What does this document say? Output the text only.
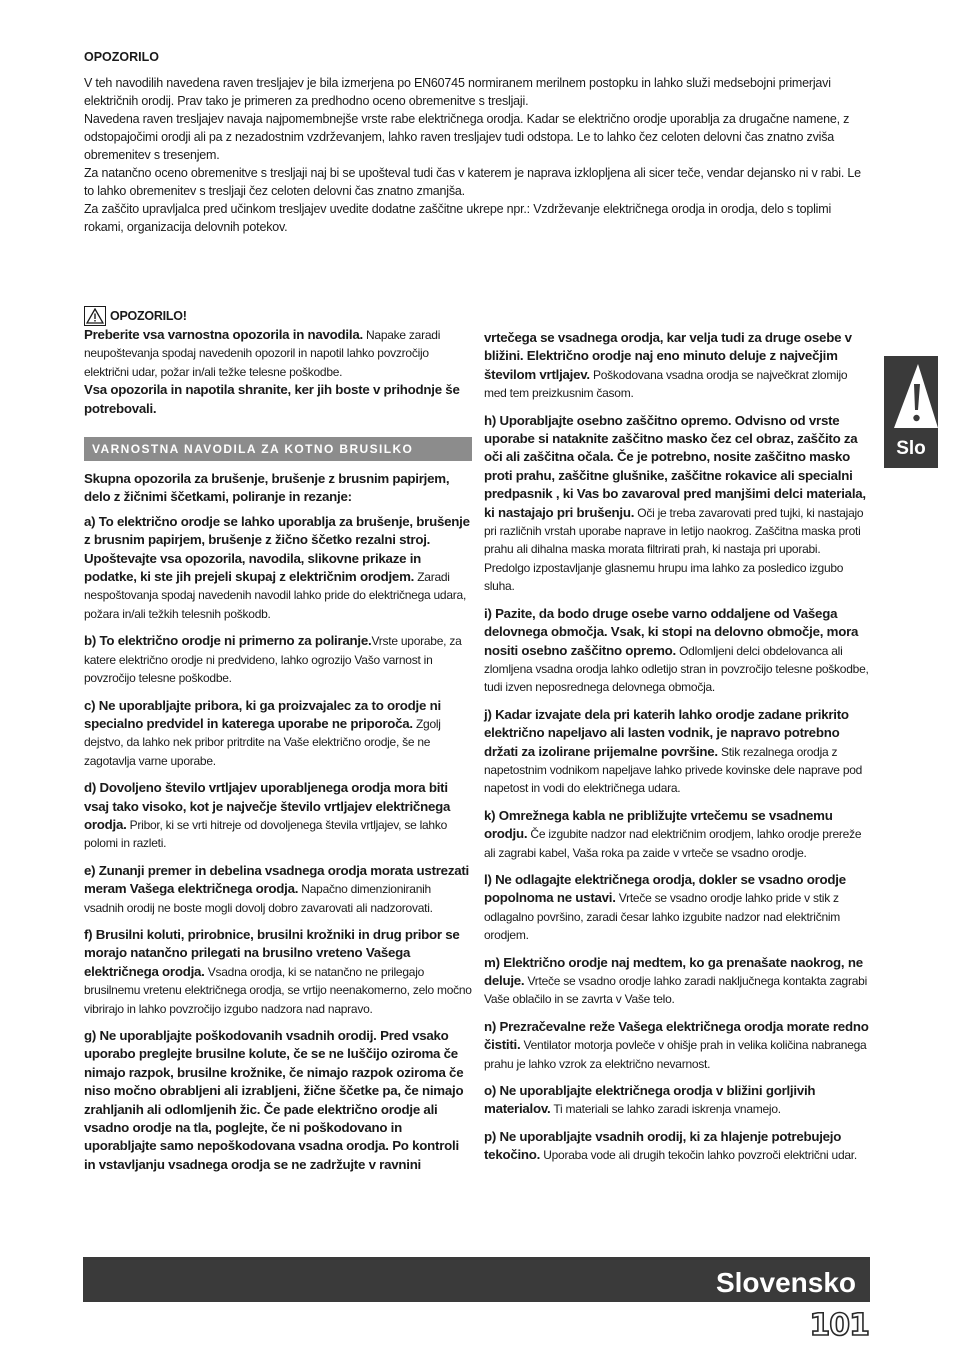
OPOZORILO

V teh navodilih navedena raven tresljajev je bila izmerjena po EN60745 normiranem merilnem postopku in lahko služi medsebojni primerjavi električnih orodij. Prav tako je primeren za predhodno oceno obremenitve s tresljaji.

Navedena raven tresljajev navaja najpomembnejše vrste rabe električnega orodja. Kadar se električno orodje uporablja za drugačne namene, z odstopajočimi orodji ali pa z nezadostnim vzdrževanjem, lahko raven tresljajev tudi odstopa. Le to lahko čez celoten delovni čas znatno zviša obremenitev s tresenjem.

Za natančno oceno obremenitve s tresljaji naj bi se upošteval tudi čas v katerem je naprava izklopljena ali sicer teče, vendar dejansko ni v rabi. Le to lahko obremenitev s tresljaji čez celoten delovni čas znatno zmanjša.

Za zaščito upravljalca pred učinkom tresljajev uvedite dodatne zaščitne ukrepe npr.: Vzdrževanje električnega orodja in orodja, delo s toplimi rokami, organizacija delovnih potekov.

OPOZORILO!

Preberite vsa varnostna opozorila in navodila. Napake zaradi neupoštevanja spodaj navedenih opozoril in napotil lahko povzročijo električni udar, požar in/ali težke telesne poškodbe.

Vsa opozorila in napotila shranite, ker jih boste v prihodnje še potrebovali.

VARNOSTNA NAVODILA ZA KOTNO BRUSILKO

Skupna opozorila za brušenje, brušenje z brusnim papirjem, delo z žičnimi ščetkami, poliranje in rezanje:

a) To električno orodje se lahko uporablja za brušenje, brušenje z brusnim papirjem, brušenje z žično ščetko rezalni stroj. Upoštevajte vsa opozorila, navodila, slikovne prikaze in podatke, ki ste jih prejeli skupaj z električnim orodjem. Zaradi nespoštovanja spodaj navedenih navodil lahko pride do električnega udara, požara in/ali težkih telesnih poškodb.

b) To električno orodje ni primerno za poliranje.Vrste uporabe, za katere električno orodje ni predvideno, lahko ogrozijo Vašo varnost in povzročijo telesne poškodbe.

c) Ne uporabljajte pribora, ki ga proizvajalec za to orodje ni specialno predvidel in katerega uporabe ne priporoča. Zgolj dejstvo, da lahko nek pribor pritrdite na Vaše električno orodje, še ne zagotavlja varne uporabe.

d) Dovoljeno število vrtljajev uporabljenega orodja mora biti vsaj tako visoko, kot je največje število vrtljajev električnega orodja. Pribor, ki se vrti hitreje od dovoljenega števila vrtljajev, se lahko polomi in razleti.

e) Zunanji premer in debelina vsadnega orodja morata ustrezati meram Vašega električnega orodja. Napačno dimenzioniranih vsadnih orodij ne boste mogli dovolj dobro zavarovati ali nadzorovati.

f) Brusilni koluti, prirobnice, brusilni krožniki in drug pribor se morajo natančno prilegati na brusilno vreteno Vašega električnega orodja. Vsadna orodja, ki se natančno ne prilegajo brusilnemu vretenu električnega orodja, se vrtijo neenakomerno, zelo močno vibrirajo in lahko povzročijo izgubo nadzora nad napravo.

g) Ne uporabljajte poškodovanih vsadnih orodij. Pred vsako uporabo preglejte brusilne kolute, če se ne luščijo oziroma če nimajo razpok, brusilne krožnike, če nimajo razpok oziroma če niso močno obrabljeni ali izrabljeni, žične ščetke pa, če nimajo zrahljanih ali odlomljenih žic. Če pade električno orodje ali vsadno orodje na tla, poglejte, če ni poškodovano in uporabljajte samo nepoškodovana vsadna orodja. Po kontroli in vstavljanju vsadnega orodja se ne zadržujte v ravnini

vrtečega se vsadnega orodja, kar velja tudi za druge osebe v bližini. Električno orodje naj eno minuto deluje z največjim številom vrtljajev. Poškodovana vsadna orodja se največkrat zlomijo med tem preizkusnim časom.

h) Uporabljajte osebno zaščitno opremo. Odvisno od vrste uporabe si nataknite zaščitno masko čez cel obraz, zaščito za oči ali zaščitna očala. Če je potrebno, nosite zaščitno masko proti prahu, zaščitne glušnike, zaščitne rokavice ali specialni predpasnik , ki Vas bo zavaroval pred manjšimi delci materiala, ki nastajajo pri brušenju. Oči je treba zavarovati pred tujki, ki nastajajo pri različnih vrstah uporabe naprave in letijo naokrog. Zaščitna maska proti prahu ali dihalna maska morata filtrirati prah, ki nastaja pri uporabi. Predolgo izpostavljanje glasnemu hrupu ima lahko za posledico izgubo sluha.

i) Pazite, da bodo druge osebe varno oddaljene od Vašega delovnega območja. Vsak, ki stopi na delovno območje, mora nositi osebno zaščitno opremo. Odlomljeni delci obdelovanca ali zlomljena vsadna orodja lahko odletijo stran in povzročijo telesne poškodbe, tudi izven neposrednega delovnega območja.

j) Kadar izvajate dela pri katerih lahko orodje zadane prikrito električno napeljavo ali lasten vodnik, je napravo potrebno držati za izolirane prijemalne površine. Stik rezalnega orodja z napetostnim vodnikom napeljave lahko privede kovinske dele naprave pod napetost in vodi do električnega udara.

k) Omrežnega kabla ne približujte vrtečemu se vsadnemu orodju. Če izgubite nadzor nad električnim orodjem, lahko orodje prereže ali zagrabi kabel, Vaša roka pa zaide v vrteče se vsadno orodje.

l) Ne odlagajte električnega orodja, dokler se vsadno orodje popolnoma ne ustavi. Vrteče se vsadno orodje lahko pride v stik z odlagalno površino, zaradi česar lahko izgubite nadzor nad električnim orodjem.

m) Električno orodje naj medtem, ko ga prenašate naokrog, ne deluje. Vrteče se vsadno orodje lahko zaradi naključnega kontakta zagrabi Vaše oblačilo in se zavrta v Vaše telo.

n) Prezračevalne reže Vašega električnega orodja morate redno čistiti. Ventilator motorja povleče v ohišje prah in velika količina nabranega prahu je lahko vzrok za električno nevarnost.

o) Ne uporabljajte električnega orodja v bližini gorljivih materialov. Ti materiali se lahko zaradi iskrenja vnamejo.

p) Ne uporabljajte vsadnih orodij, ki za hlajenje potrebujejo tekočino. Uporaba vode ali drugih tekočin lahko povzroči električni udar.

Slo
Slovensko
101
